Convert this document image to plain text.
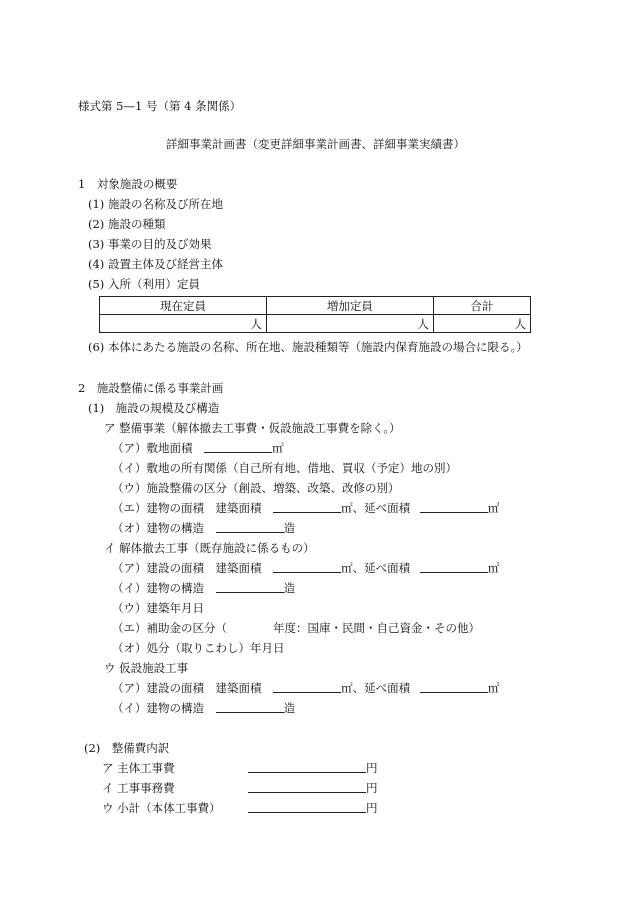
様式第 5—1 号（第 4 条関係）
詳細事業計画書（変更詳細事業計画書、詳細事業実績書）
1　対象施設の概要
(1) 施設の名称及び所在地
(2) 施設の種類
(3) 事業の目的及び効果
(4) 設置主体及び経営主体
(5) 入所（利用）定員
現在定員	増加定員	合計
人	人	人
(6) 本体にあたる施設の名称、所在地、施設種類等（施設内保育施設の場合に限る。）
2　施設整備に係る事業計画
(1)　施設の規模及び構造
ア 整備事業（解体撤去工事費・仮設施設工事費を除く。）
（ア）敷地面積	㎡
（イ）敷地の所有関係（自己所有地、借地、買収（予定）地の別）
（ウ）施設整備の区分（創設、増築、改築、改修の別）
（エ）建物の面積　建築面積	㎡、延べ面積	㎡
（オ）建物の構造	造
イ 解体撤去工事（既存施設に係るもの）
（ア）建設の面積　建築面積	㎡、延べ面積	㎡
（イ）建物の構造	造
（ウ）建築年月日
（エ）補助金の区分（	年度：国庫・民間・自己資金・その他）
（オ）処分（取りこわし）年月日
ウ 仮設施設工事
（ア）建設の面積　建築面積	㎡、延べ面積	㎡
（イ）建物の構造	造
(2)　整備費内訳
ア 主体工事費	円
イ 工事事務費	円
ウ 小計（本体工事費）	円
